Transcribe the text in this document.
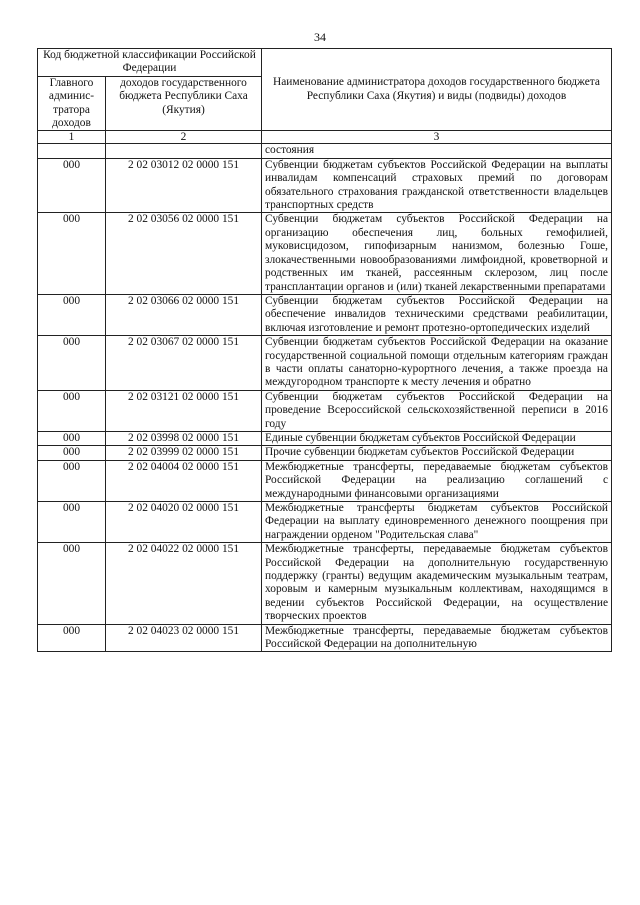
34
Код бюджетной классификации Российской Федерации		Наименование администратора доходов государственного бюджета Республики Саха (Якутия) и виды (подвиды) доходов
Главного админис-тратора доходов	доходов государственного бюджета Республики Саха (Якутия)	
1	2	3
		состояния
000	2 02 03012 02 0000 151	Субвенции бюджетам субъектов Российской Федерации на выплаты инвалидам компенсаций страховых премий по договорам обязательного страхования гражданской ответственности владельцев транспортных средств
000	2 02 03056 02 0000 151	Субвенции бюджетам субъектов Российской Федерации на организацию обеспечения лиц, больных гемофилией, муковисцидозом, гипофизарным нанизмом, болезнью Гоше, злокачественными новообразованиями лимфоидной, кроветворной и родственных им тканей, рассеянным склерозом, лиц после трансплантации органов и (или) тканей лекарственными препаратами
000	2 02 03066 02 0000 151	Субвенции бюджетам субъектов Российской Федерации на обеспечение инвалидов техническими средствами реабилитации, включая изготовление и ремонт протезно-ортопедических изделий
000	2 02 03067 02 0000 151	Субвенции бюджетам субъектов Российской Федерации на оказание государственной социальной помощи отдельным категориям граждан в части оплаты санаторно-курортного лечения, а также проезда на междугородном транспорте к месту лечения и обратно
000	2 02 03121 02 0000 151	Субвенции бюджетам субъектов Российской Федерации на проведение Всероссийской сельскохозяйственной переписи в 2016 году
000	2 02 03998 02 0000 151	Единые субвенции бюджетам субъектов Российской Федерации
000	2 02 03999 02 0000 151	Прочие субвенции бюджетам субъектов Российской Федерации
000	2 02 04004 02 0000 151	Межбюджетные трансферты, передаваемые бюджетам субъектов Российской Федерации на реализацию соглашений с международными финансовыми организациями
000	2 02 04020 02 0000 151	Межбюджетные трансферты бюджетам субъектов Российской Федерации на выплату единовременного денежного поощрения при награждении орденом "Родительская слава"
000	2 02 04022 02 0000 151	Межбюджетные трансферты, передаваемые бюджетам субъектов Российской Федерации на дополнительную государственную поддержку (гранты) ведущим академическим музыкальным театрам, хоровым и камерным музыкальным коллективам, находящимся в ведении субъектов Российской Федерации, на осуществление творческих проектов
000	2 02 04023 02 0000 151	Межбюджетные трансферты, передаваемые бюджетам субъектов Российской Федерации на дополнительную
